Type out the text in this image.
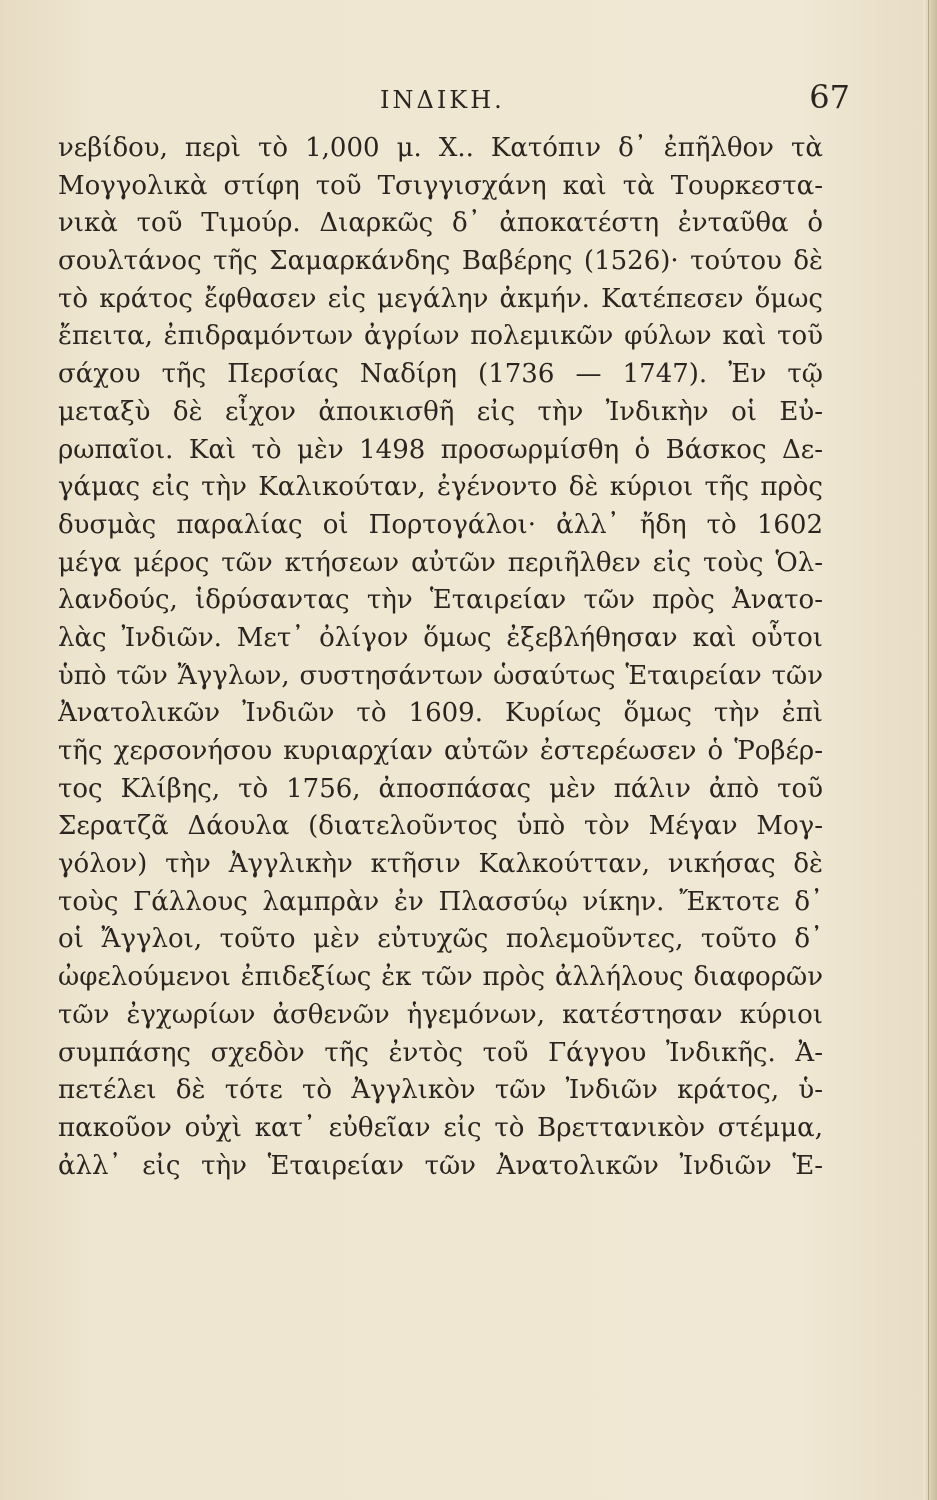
ΙΝΔΙΚΗ.	67
νεβίδου, περὶ τὸ 1,000 μ. Χ.. Κατόπιν δ᾽ ἐπῆλθον τὰ
Μογγολικὰ στίφη τοῦ Τσιγγισχάνη καὶ τὰ Τουρκεστα-
νικὰ τοῦ Τιμούρ. Διαρκῶς δ᾽ ἀποκατέστη ἐνταῦθα ὁ
σουλτάνος τῆς Σαμαρκάνδης Βαβέρης (1526)· τούτου δὲ
τὸ κράτος ἔφθασεν εἰς μεγάλην ἀκμήν. Κατέπεσεν ὅμως
ἔπειτα, ἐπιδραμόντων ἀγρίων πολεμικῶν φύλων καὶ τοῦ
σάχου τῆς Περσίας Ναδίρη (1736 — 1747). Ἐν τῷ
μεταξὺ δὲ εἶχον ἀποικισθῆ εἰς τὴν Ἰνδικὴν οἱ Εὐ-
ρωπαῖοι. Καὶ τὸ μὲν 1498 προσωρμίσθη ὁ Βάσκος Δε-
γάμας εἰς τὴν Καλικούταν, ἐγένοντο δὲ κύριοι τῆς πρὸς
δυσμὰς παραλίας οἱ Πορτογάλοι· ἀλλ᾽ ἤδη τὸ 1602
μέγα μέρος τῶν κτήσεων αὐτῶν περιῆλθεν εἰς τοὺς Ὁλ-
λανδούς, ἱδρύσαντας τὴν Ἑταιρείαν τῶν πρὸς Ἀνατο-
λὰς Ἰνδιῶν. Μετ᾽ ὀλίγον ὅμως ἐξεβλήθησαν καὶ οὗτοι
ὑπὸ τῶν Ἄγγλων, συστησάντων ὡσαύτως Ἑταιρείαν τῶν
Ἀνατολικῶν Ἰνδιῶν τὸ 1609. Κυρίως ὅμως τὴν ἐπὶ
τῆς χερσονήσου κυριαρχίαν αὐτῶν ἐστερέωσεν ὁ Ῥοβέρ-
τος Κλίβης, τὸ 1756, ἀποσπάσας μὲν πάλιν ἀπὸ τοῦ
Σερατζᾶ Δάουλα (διατελοῦντος ὑπὸ τὸν Μέγαν Μογ-
γόλον) τὴν Ἀγγλικὴν κτῆσιν Καλκούτταν, νικήσας δὲ
τοὺς Γάλλους λαμπρὰν ἐν Πλασσύῳ νίκην. Ἔκτοτε δ᾽
οἱ Ἄγγλοι, τοῦτο μὲν εὐτυχῶς πολεμοῦντες, τοῦτο δ᾽
ὠφελούμενοι ἐπιδεξίως ἐκ τῶν πρὸς ἀλλήλους διαφορῶν
τῶν ἐγχωρίων ἀσθενῶν ἡγεμόνων, κατέστησαν κύριοι
συμπάσης σχεδὸν τῆς ἐντὸς τοῦ Γάγγου Ἰνδικῆς. Ἀ-
πετέλει δὲ τότε τὸ Ἀγγλικὸν τῶν Ἰνδιῶν κράτος, ὑ-
πακοῦον οὐχὶ κατ᾽ εὐθεῖαν εἰς τὸ Βρεττανικὸν στέμμα,
ἀλλ᾽ εἰς τὴν Ἑταιρείαν τῶν Ἀνατολικῶν Ἰνδιῶν Ἑ-
